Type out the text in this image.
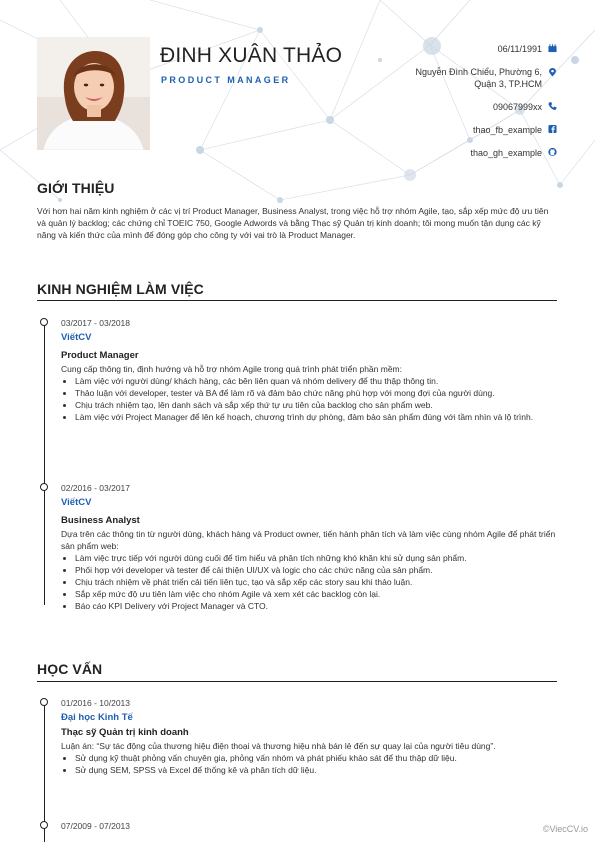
ĐINH XUÂN THẢO
PRODUCT MANAGER
06/11/1991
Nguyễn Đình Chiểu, Phường 6,
Quận 3, TP.HCM
09067999xx
thao_fb_example
thao_gh_example
GIỚI THIỆU
Với hơn hai năm kinh nghiệm ở các vị trí Product Manager, Business Analyst, trong việc hỗ trợ nhóm Agile, tạo, sắp xếp mức độ ưu tiên và quản lý backlog; các chứng chỉ TOEIC 750, Google Adwords và bằng Thạc sỹ Quản trị kinh doanh; tôi mong muốn tận dụng các kỹ năng và kiến thức của mình để đóng góp cho công ty với vai trò là Product Manager.
KINH NGHIỆM LÀM VIỆC
03/2017 - 03/2018
ViếtCV
Product Manager
Cung cấp thông tin, định hướng và hỗ trợ nhóm Agile trong quá trình phát triển phần mềm:
• Làm việc với người dùng/ khách hàng, các bên liên quan và nhóm delivery để thu thập thông tin.
• Thảo luận với developer, tester và BA để làm rõ và đảm bảo chức năng phù hợp với mong đợi của người dùng.
• Chịu trách nhiệm tạo, lên danh sách và sắp xếp thứ tự ưu tiên của backlog cho sản phẩm web.
• Làm việc với Project Manager để lên kế hoạch, chương trình dự phòng, đảm bảo sản phẩm đúng với tầm nhìn và lộ trình.
02/2016 - 03/2017
ViếtCV
Business Analyst
Dựa trên các thông tin từ người dùng, khách hàng và Product owner, tiến hành phân tích và làm việc cùng nhóm Agile để phát triển sản phẩm web:
• Làm việc trực tiếp với người dùng cuối để tìm hiểu và phân tích những khó khăn khi sử dụng sản phẩm.
• Phối hợp với developer và tester để cải thiện UI/UX và logic cho các chức năng của sản phẩm.
• Chịu trách nhiệm về phát triển cải tiến liên tục, tạo và sắp xếp các story sau khi thảo luận.
• Sắp xếp mức độ ưu tiên làm việc cho nhóm Agile và xem xét các backlog còn lại.
• Báo cáo KPI Delivery với Project Manager và CTO.
HỌC VẤN
01/2016 - 10/2013
Đại học Kinh Tế
Thạc sỹ Quản trị kinh doanh
Luận án: “Sự tác động của thương hiệu điện thoại và thương hiệu nhà bán lẻ đến sự quay lại của người tiêu dùng”.
• Sử dụng kỹ thuật phỏng vấn chuyên gia, phỏng vấn nhóm và phát phiếu khảo sát để thu thập dữ liệu.
• Sử dụng SEM, SPSS và Excel để thống kê và phân tích dữ liệu.
07/2009 - 07/2013	©ViecCV.io
